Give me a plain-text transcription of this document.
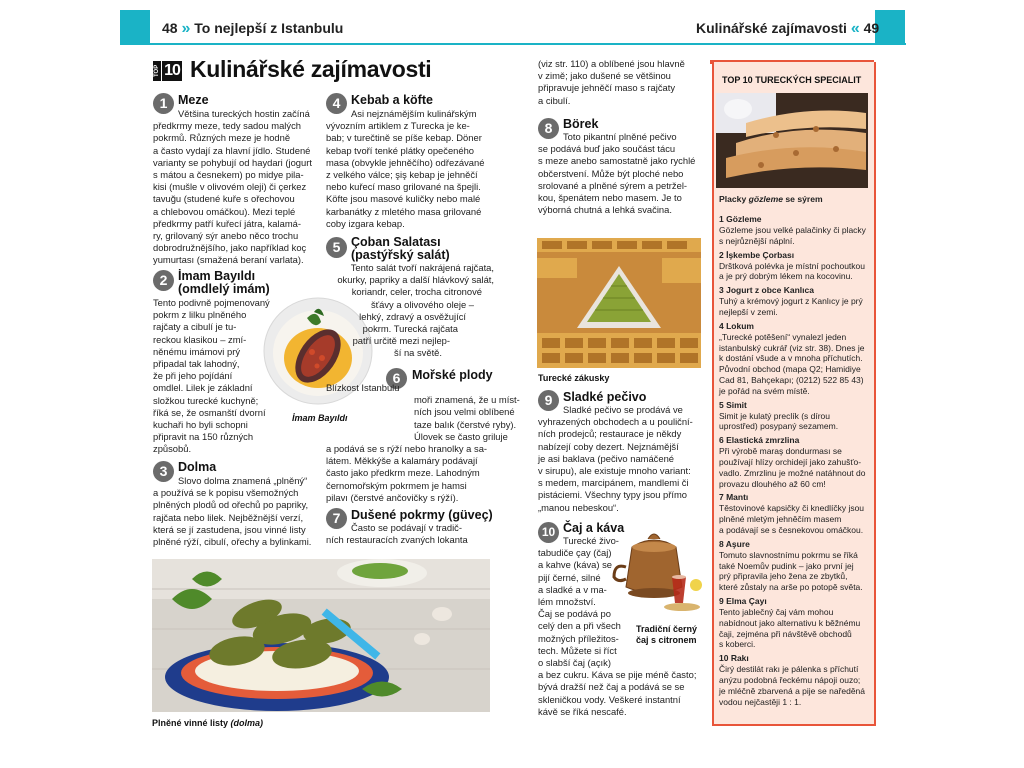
48 » To nejlepší z Istanbulu	Kulinářské zajímavosti « 49
TOP 10 Kulinářské zajímavosti
1 Meze
Většina tureckých hostin začíná
předkrmy meze, tedy sadou malých
pokrmů. Různých meze je hodně
a často vydají za hlavní jídlo. Studené
varianty se pohybují od haydari (jogurt
s mátou a česnekem) po midye pila-
kisi (mušle v olivovém oleji) či çerkez
tavuğu (studené kuře s ořechovou
a chlebovou omáčkou). Mezi teplé
předkrmy patří kuřecí játra, kalamá-
ry, grilovaný sýr anebo něco trochu
dobrodružnějšího, jako například koç
yumurtası (smažená beraní varlata).
2 İmam Bayıldı
(omdlelý imám)
Tento podivně pojmenovaný
pokrm z lilku plněného
rajčaty a cibulí je tu-
reckou klasikou – zmí-
něnému imámovi prý
připadal tak lahodný,
že při jeho pojídání
omdlel. Lilek je základní
složkou turecké kuchyně;
říká se, že osmanští dvorní
kuchaři ho byli schopni
připravit na 150 různých
způsobů.
İmam Bayıldı
3 Dolma
Slovo dolma znamená „plněný“
a používá se k popisu všemožných
plněných plodů od ořechů po papriky,
rajčata nebo lilek. Nejběžnější verzí,
která se jí zastudena, jsou vinné listy
plněné rýží, cibulí, ořechy a bylinkami.
Plněné vinné listy (dolma)
4 Kebab a köfte
Asi nejznámějším kulinářským
vývozním artiklem z Turecka je ke-
bab; v turečtině se píše kebap. Döner
kebap tvoří tenké plátky opečeného
masa (obvykle jehněčího) odřezávané
z velkého válce; şiş kebap je jehněčí
nebo kuřecí maso grilované na špejli.
Köfte jsou masové kuličky nebo malé
karbanátky z mletého masa grilované
coby izgara kebap.
5 Çoban Salatası
(pastýřský salát)
Tento salát tvoří nakrájená rajčata,
okurky, papriky a další hlávkový salát,
koriandr, celer, trocha citronové
šťávy a olivového oleje –
lehký, zdravý a osvěžující
pokrm. Turecká rajčata
patří určitě mezi nejlep-
ší na světě.
6 Mořské plody
Blízkost Istanbulu
moři znamená, že u míst-
ních jsou velmi oblíbené
taze balık (čerstvé ryby).
Úlovek se často griluje
a podává se s rýží nebo hranolky a sa-
látem. Měkkýše a kalamáry podávají
často jako předkrm meze. Lahodným
černomořským pokrmem je hamsi
pilavı (čerstvé ančovičky s rýží).
7 Dušené pokrmy (güveç)
Často se podávají v tradič-
ních restauracích zvaných lokanta
(viz str. 110) a oblíbené jsou hlavně
v zimě; jako dušené se většinou
připravuje jehněčí maso s rajčaty
a cibulí.
8 Börek
Toto pikantní plněné pečivo
se podává buď jako součást tácu
s meze anebo samostatně jako rychlé
občerstvení. Může být ploché nebo
srolované a plněné sýrem a petržel-
kou, špenátem nebo masem. Je to
výborná chutná a lehká svačina.
Turecké zákusky
9 Sladké pečivo
Sladké pečivo se prodává ve
vyhrazených obchodech a u pouliční-
ních prodejců; restaurace je někdy
nabízejí coby dezert. Nejznámější
je asi baklava (pečivo namáčené
v sirupu), ale existuje mnoho variant:
s medem, marcipánem, mandlemi či
pistáciemi. Všechny typy jsou přímo
„manou nebeskou“.
10 Čaj a káva
Turecké živo-
tabudiče çay (čaj)
a kahve (káva) se
pijí černé, silné
a sladké a v ma-
lém množství.
Čaj se podává po
celý den a při všech
možných příležitos-
tech. Můžete si říct
o slabší čaj (açık)
a bez cukru. Káva se pije méně často;
bývá dražší než čaj a podává se se
skleničkou vody. Veškeré instantní
kávě se říká nescafé.
Tradiční černý
čaj s citronem
TOP 10 TURECKÝCH SPECIALIT
Placky gözleme se sýrem
1 Gözleme
Gözleme jsou velké palačinky či placky
s nejrůznější náplní.
2 İşkembe Çorbası
Drštková polévka je místní pochoutkou
a je prý dobrým lékem na kocovinu.
3 Jogurt z obce Kanlıca
Tuhý a krémový jogurt z Kanlıcy je prý
nejlepší v zemi.
4 Lokum
„Turecké potěšení“ vynalezl jeden
istanbulský cukrář (viz str. 38). Dnes je
k dostání všude a v mnoha příchutích.
Původní obchod (mapa Q2; Hamidiye
Cad 81, Bahçekapı; (0212) 522 85 43)
je pořád na svém místě.
5 Simit
Simit je kulatý preclík (s dírou
uprostřed) posypaný sezamem.
6 Elastická zmrzlina
Při výrobě maraş dondurması se
používají hlízy orchidejí jako zahušťo-
vadlo. Zmrzlinu je možné natáhnout do
provazu dlouhého až 60 cm!
7 Mantı
Těstovinové kapsičky či knedlíčky jsou
plněné mletým jehněčím masem
a podávají se s česnekovou omáčkou.
8 Aşure
Tomuto slavnostnímu pokrmu se říká
také Noemův pudink – jako první jej
prý připravila jeho žena ze zbytků,
které zůstaly na arše po potopě světa.
9 Elma Çayı
Tento jablečný čaj vám mohou
nabídnout jako alternativu k běžnému
čaji, zejména při návštěvě obchodů
s koberci.
10 Rakı
Čirý destilát rakı je pálenka s příchutí
anýzu podobná řeckému nápoji ouzo;
je mléčně zbarvená a pije se naředěná
vodou nejčastěji 1 : 1.
